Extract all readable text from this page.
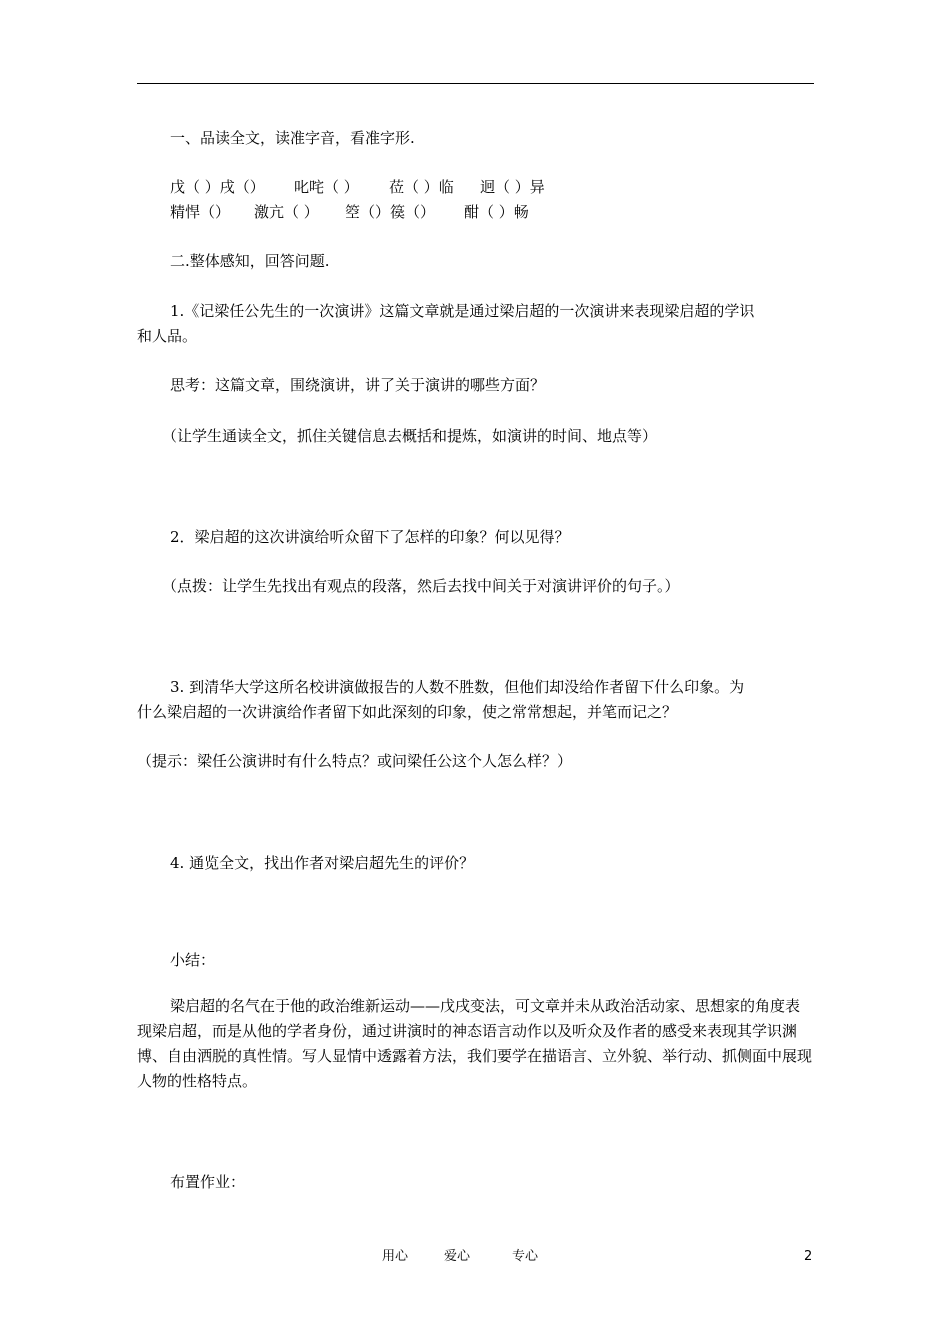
一、品读全文，读准字音，看准字形.
戊（ ）戌（） 叱咤（ ） 莅（ ）临 迥（ ）异
精悍（） 激亢（ ） 箜（）篌（） 酣（ ）畅
二.整体感知，回答问题.
1.《记梁任公先生的一次演讲》这篇文章就是通过梁启超的一次演讲来表现梁启超的学识
和人品。
思考：这篇文章，围绕演讲，讲了关于演讲的哪些方面？
（让学生通读全文，抓住关键信息去概括和提炼，如演讲的时间、地点等）
2．梁启超的这次讲演给听众留下了怎样的印象？何以见得？
（点拨：让学生先找出有观点的段落，然后去找中间关于对演讲评价的句子。）
3. 到清华大学这所名校讲演做报告的人数不胜数，但他们却没给作者留下什么印象。为
什么梁启超的一次讲演给作者留下如此深刻的印象，使之常常想起，并笔而记之？
（提示：梁任公演讲时有什么特点？或问梁任公这个人怎么样？）
4. 通览全文，找出作者对梁启超先生的评价？
小结：
梁启超的名气在于他的政治维新运动——戊戌变法，可文章并未从政治活动家、思想家的角度表现梁启超，而是从他的学者身份，通过讲演时的神态语言动作以及听众及作者的感受来表现其学识渊博、自由洒脱的真性情。写人显情中透露着方法，我们要学在描语言、立外貌、举行动、抓侧面中展现人物的性格特点。
布置作业：
用心	爱心	专心	2
